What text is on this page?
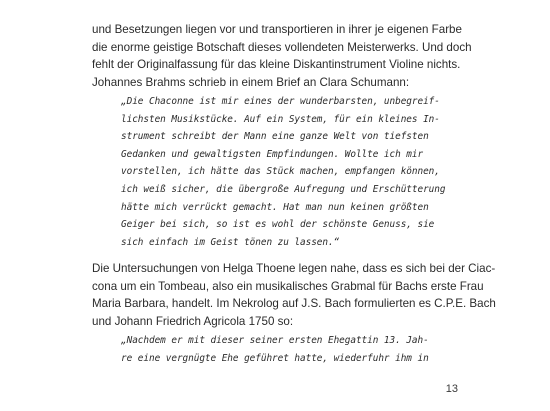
und Besetzungen liegen vor und transportieren in ihrer je eigenen Farbe
die enorme geistige Botschaft dieses vollendeten Meisterwerks. Und doch
fehlt der Originalfassung für das kleine Diskantinstrument Violine nichts.
Johannes Brahms schrieb in einem Brief an Clara Schumann:

„Die Chaconne ist mir eines der wunderbarsten, unbegreif-
lichsten Musikstücke. Auf ein System, für ein kleines In-
strument schreibt der Mann eine ganze Welt von tiefsten
Gedanken und gewaltigsten Empfindungen. Wollte ich mir
vorstellen, ich hätte das Stück machen, empfangen können,
ich weiß sicher, die übergroße Aufregung und Erschütterung
hätte mich verrückt gemacht. Hat man nun keinen größten
Geiger bei sich, so ist es wohl der schönste Genuss, sie
sich einfach im Geist tönen zu lassen.“

Die Untersuchungen von Helga Thoene legen nahe, dass es sich bei der Ciac-
cona um ein Tombeau, also ein musikalisches Grabmal für Bachs erste Frau
Maria Barbara, handelt. Im Nekrolog auf J.S. Bach formulierten es C.P.E. Bach
und Johann Friedrich Agricola 1750 so:

„Nachdem er mit dieser seiner ersten Ehegattin 13. Jah-
re eine vergnügte Ehe geführet hatte, wiederfuhr ihm in

13
